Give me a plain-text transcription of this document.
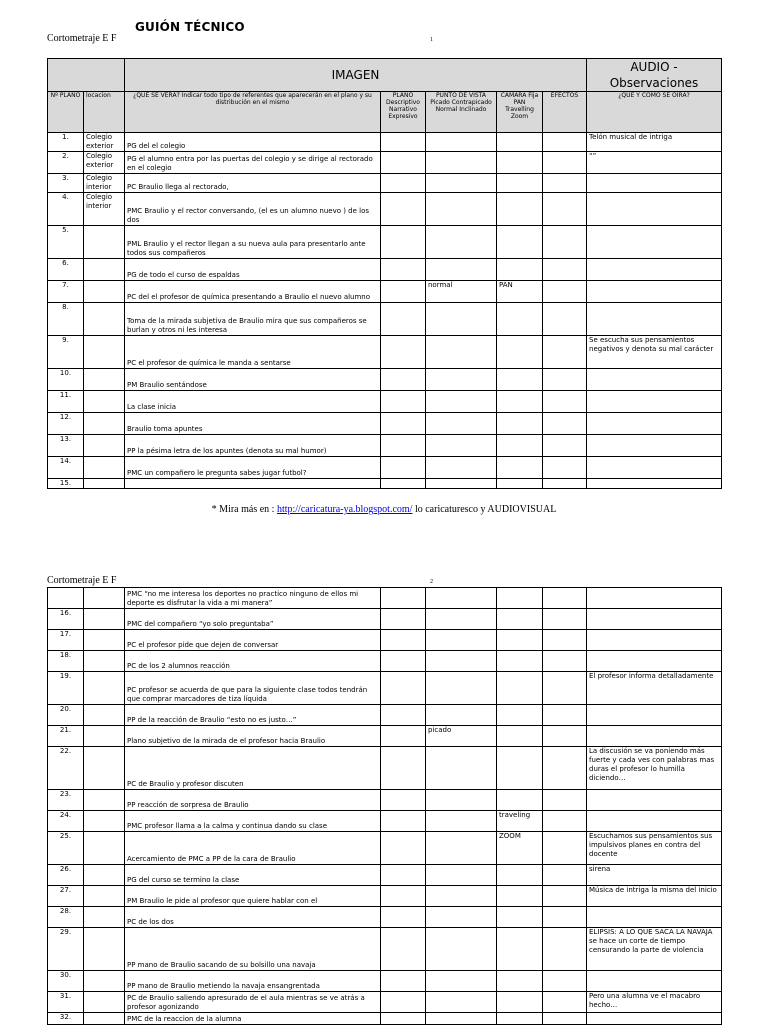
Cortometraje E F
GUIÓN TÉCNICO
1
		IMAGEN					AUDIO - Observaciones
Nº PLANO	locacion	¿QUE SE VERA? Indicar todo tipo de referentes que aparecerán en el plano y su distribución en el mismo	PLANO Descriptivo Narrativo Expresivo	PUNTO DE VISTA Picado Contrapicado Normal Inclinado	CAMARA Fija PAN Travelling Zoom	EFECTOS	¿QUE Y COMO SE OIRA?
1.	Colegio exterior	PG del el colegio					Telón musical de intriga
2.	Colegio exterior	PG el alumno entra por las puertas del colegio y se dirige al rectorado en el colegio					“”
3.	Colegio interior	PC Braulio llega al rectorado,					
4.	Colegio interior	PMC Braulio y el rector conversando, (el es un alumno nuevo ) de los dos					
5.		PML Braulio y el rector llegan a su nueva aula para presentarlo ante todos sus compañeros					
6.		PG de todo el curso de espaldas					
7.		PC del el profesor de química presentando a Braulio el nuevo alumno		normal	PAN		
8.		Toma de la mirada subjetiva de Braulio mira que sus compañeros se burlan y otros ni les interesa					
9.		PC el profesor de química le manda a sentarse					Se escucha sus pensamientos negativos y denota su mal carácter
10.		PM Braulio sentándose					
11.		La clase inicia					
12.		Braulio toma apuntes					
13.		PP la pésima letra de los apuntes (denota su mal humor)					
14.		PMC un compañero le pregunta sabes jugar futbol?					
15.							
* Mira más en : http://caricatura-ya.blogspot.com/ lo caricaturesco y AUDIOVISUAL
Cortometraje E F	2
		PMC “no me interesa los deportes no practico ninguno de ellos mi deporte es disfrutar la vida a mi manera”					
16.		PMC del compañero “yo solo preguntaba”					
17.		PC el profesor pide que dejen de conversar					
18.		PC de los 2 alumnos reacción					
19.		PC profesor se acuerda de que para la siguiente clase todos tendrán que comprar marcadores de tiza líquida					El profesor informa detalladamente
20.		PP de la reacción de Braulio “esto no es justo…”					
21.		Plano subjetivo de la mirada de el profesor hacia Braulio		picado			
22.		PC de Braulio y profesor discuten					La discusión se va poniendo más fuerte y cada ves con palabras mas duras el profesor lo humilla diciendo…
23.		PP reacción de sorpresa de Braulio					
24.		PMC profesor llama a la calma y continua dando su clase			traveling		
25.		Acercamiento de PMC a PP de la cara de Braulio			ZOOM		Escuchamos sus pensamientos sus impulsivos planes en contra del docente
26.		PG del curso se termino la clase					sirena
27.		PM Braulio le pide al profesor que quiere hablar con el					Música de intriga la misma del inicio
28.		PC de los dos					
29.		PP mano de Braulio sacando de su bolsillo una navaja					ELIPSIS: A LO QUE SACA LA NAVAJA se hace un corte de tiempo censurando la parte de violencia
30.		PP mano de Braulio metiendo la navaja ensangrentada					
31.		PC de Braulio saliendo apresurado de el aula mientras se ve atrás a profesor agonizando					Pero una alumna ve el macabro hecho…
32.		PMC de la reaccion de la alumna					
